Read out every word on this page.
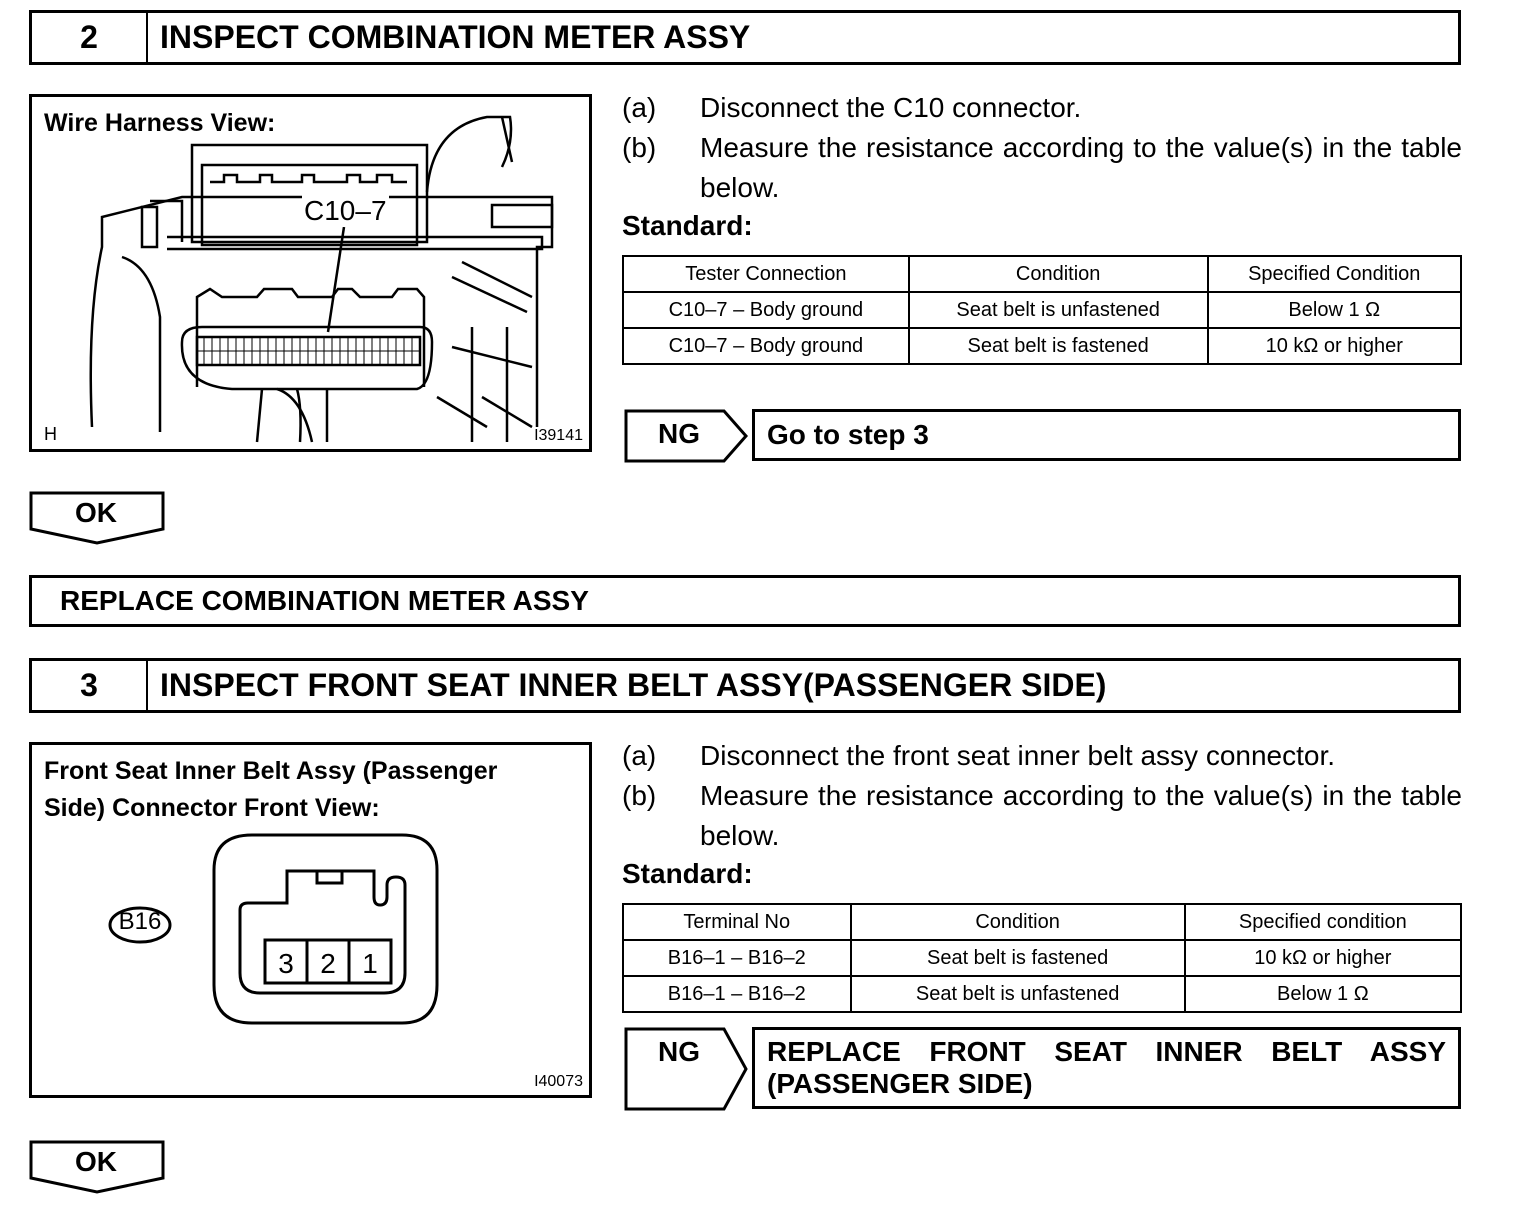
2	INSPECT COMBINATION METER ASSY
Wire Harness View:
C10–7
H	I39141
(a) Disconnect the C10 connector.
(b) Measure the resistance according to the value(s) in the table below.
Standard:
Tester Connection	Condition	Specified Condition
C10–7 – Body ground	Seat belt is unfastened	Below 1 Ω
C10–7 – Body ground	Seat belt is fastened	10 kΩ or higher
NG	Go to step 3
OK
REPLACE COMBINATION METER ASSY
3	INSPECT FRONT SEAT INNER BELT ASSY(PASSENGER SIDE)
Front Seat Inner Belt Assy (Passenger
Side) Connector Front View:
B16
3 2 1
I40073
(a) Disconnect the front seat inner belt assy connector.
(b) Measure the resistance according to the value(s) in the table below.
Standard:
Terminal No	Condition	Specified condition
B16–1 – B16–2	Seat belt is fastened	10 kΩ or higher
B16–1 – B16–2	Seat belt is unfastened	Below 1 Ω
NG	REPLACE FRONT SEAT INNER BELT ASSY
(PASSENGER SIDE)
OK
